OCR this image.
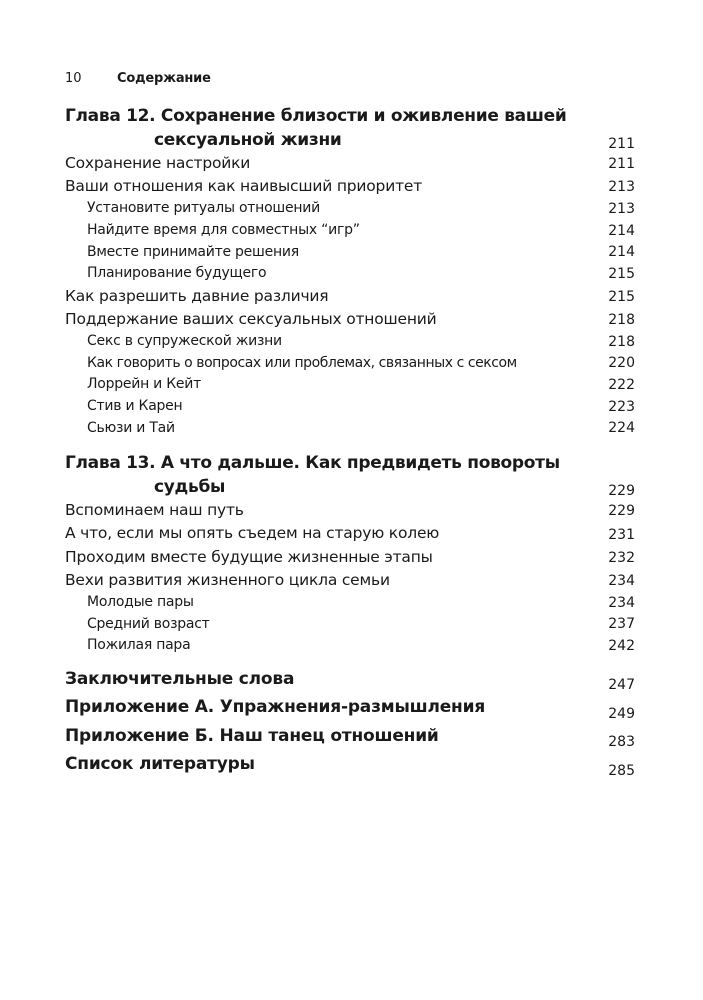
10	Содержание
Глава 12. Сохранение близости и оживление вашей
сексуальной жизни	211
Сохранение настройки	211
Ваши отношения как наивысший приоритет	213
Установите ритуалы отношений	213
Найдите время для совместных “игр”	214
Вместе принимайте решения	214
Планирование будущего	215
Как разрешить давние различия	215
Поддержание ваших сексуальных отношений	218
Секс в супружеской жизни	218
Как говорить о вопросах или проблемах, связанных с сексом	220
Лоррейн и Кейт	222
Стив и Карен	223
Сьюзи и Тай	224
Глава 13. А что дальше. Как предвидеть повороты
судьбы	229
Вспоминаем наш путь	229
А что, если мы опять съедем на старую колею	231
Проходим вместе будущие жизненные этапы	232
Вехи развития жизненного цикла семьи	234
Молодые пары	234
Средний возраст	237
Пожилая пара	242
Заключительные слова	247
Приложение А. Упражнения-размышления	249
Приложение Б. Наш танец отношений	283
Список литературы	285
